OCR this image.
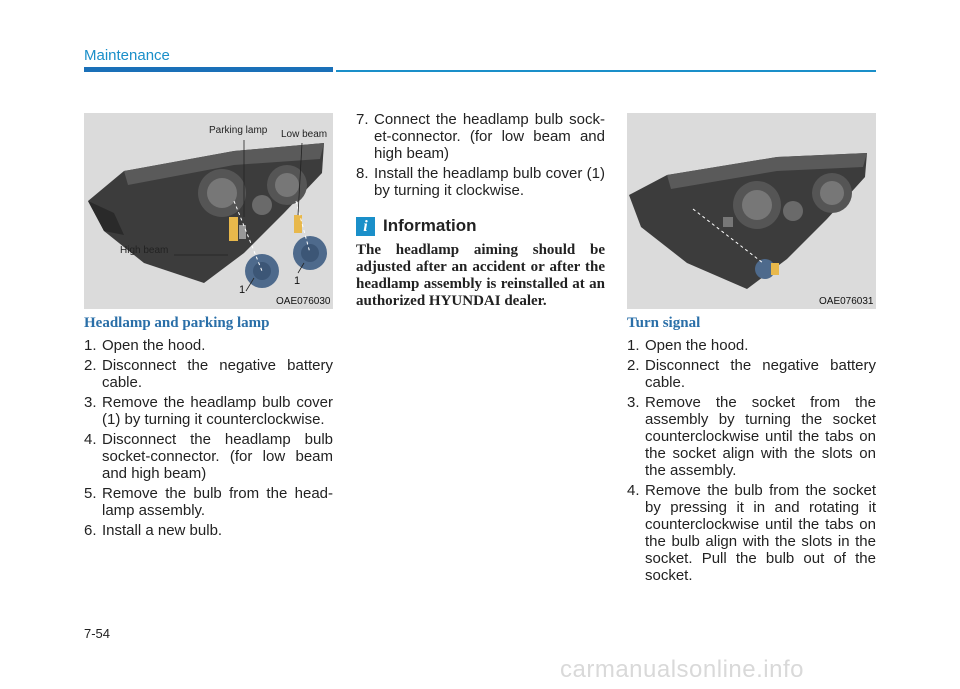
Maintenance
Parking lamp Low beam
High beam
1
1
OAE076030	OAE076031
Headlamp and parking lamp
1. Open the hood.
2. Disconnect the negative battery cable.
3. Remove the headlamp bulb cover (1) by turning it counterclockwise.
4. Disconnect the headlamp bulb socket-connector. (for low beam and high beam)
5. Remove the bulb from the head-lamp assembly.
6. Install a new bulb.
7. Connect the headlamp bulb sock-et-connector. (for low beam and high beam)
8. Install the headlamp bulb cover (1) by turning it clockwise.
i Information
The headlamp aiming should be adjusted after an accident or after the headlamp assembly is reinstalled at an authorized HYUNDAI dealer.
Turn signal
1. Open the hood.
2. Disconnect the negative battery cable.
3. Remove the socket from the assembly by turning the socket counterclockwise until the tabs on the socket align with the slots on the assembly.
4. Remove the bulb from the socket by pressing it in and rotating it counterclockwise until the tabs on the bulb align with the slots in the socket. Pull the bulb out of the socket.
7-54
carmanualsonline.info
